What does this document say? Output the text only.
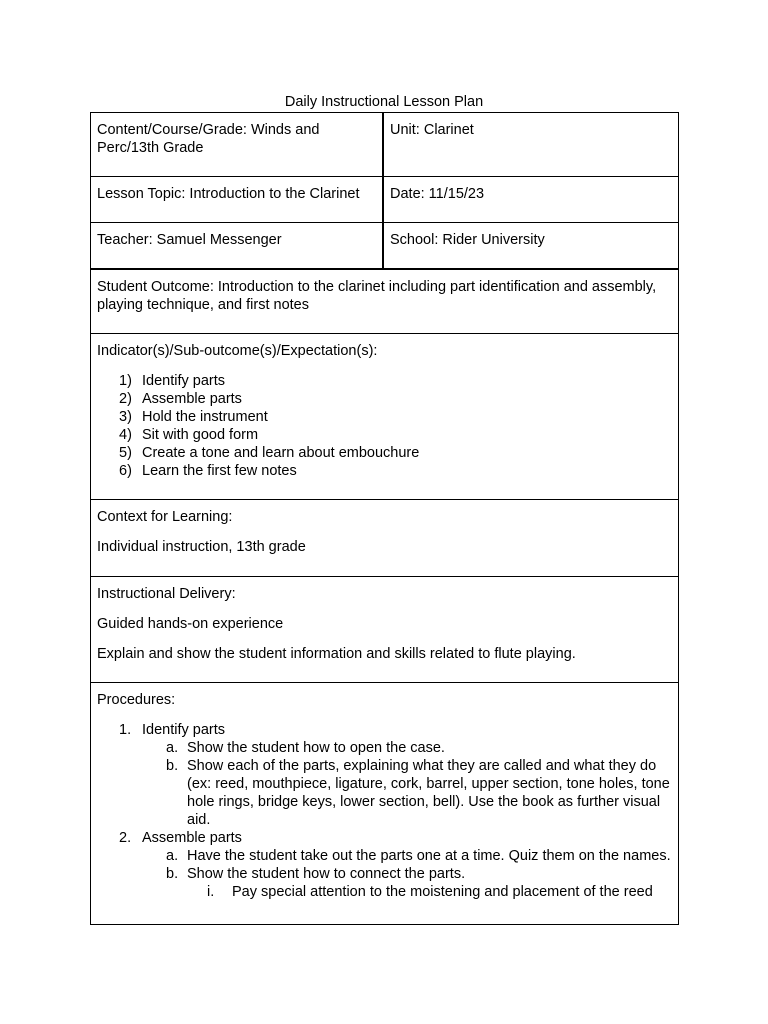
Daily Instructional Lesson Plan
Content/Course/Grade: Winds and Perc/13th Grade
Unit: Clarinet
Lesson Topic: Introduction to the Clarinet	Date: 11/15/23
Teacher: Samuel Messenger	School: Rider University
Student Outcome: Introduction to the clarinet including part identification and assembly, playing technique, and first notes

Indicator(s)/Sub-outcome(s)/Expectation(s):

1) Identify parts
2) Assemble parts
3) Hold the instrument
4) Sit with good form
5) Create a tone and learn about embouchure
6) Learn the first few notes

Context for Learning:

Individual instruction, 13th grade

Instructional Delivery:

Guided hands-on experience

Explain and show the student information and skills related to flute playing.

Procedures:

1. Identify parts
a. Show the student how to open the case.
b. Show each of the parts, explaining what they are called and what they do (ex: reed, mouthpiece, ligature, cork, barrel, upper section, tone holes, tone hole rings, bridge keys, lower section, bell). Use the book as further visual aid.
2. Assemble parts
a. Have the student take out the parts one at a time. Quiz them on the names.
b. Show the student how to connect the parts.
i. Pay special attention to the moistening and placement of the reed
